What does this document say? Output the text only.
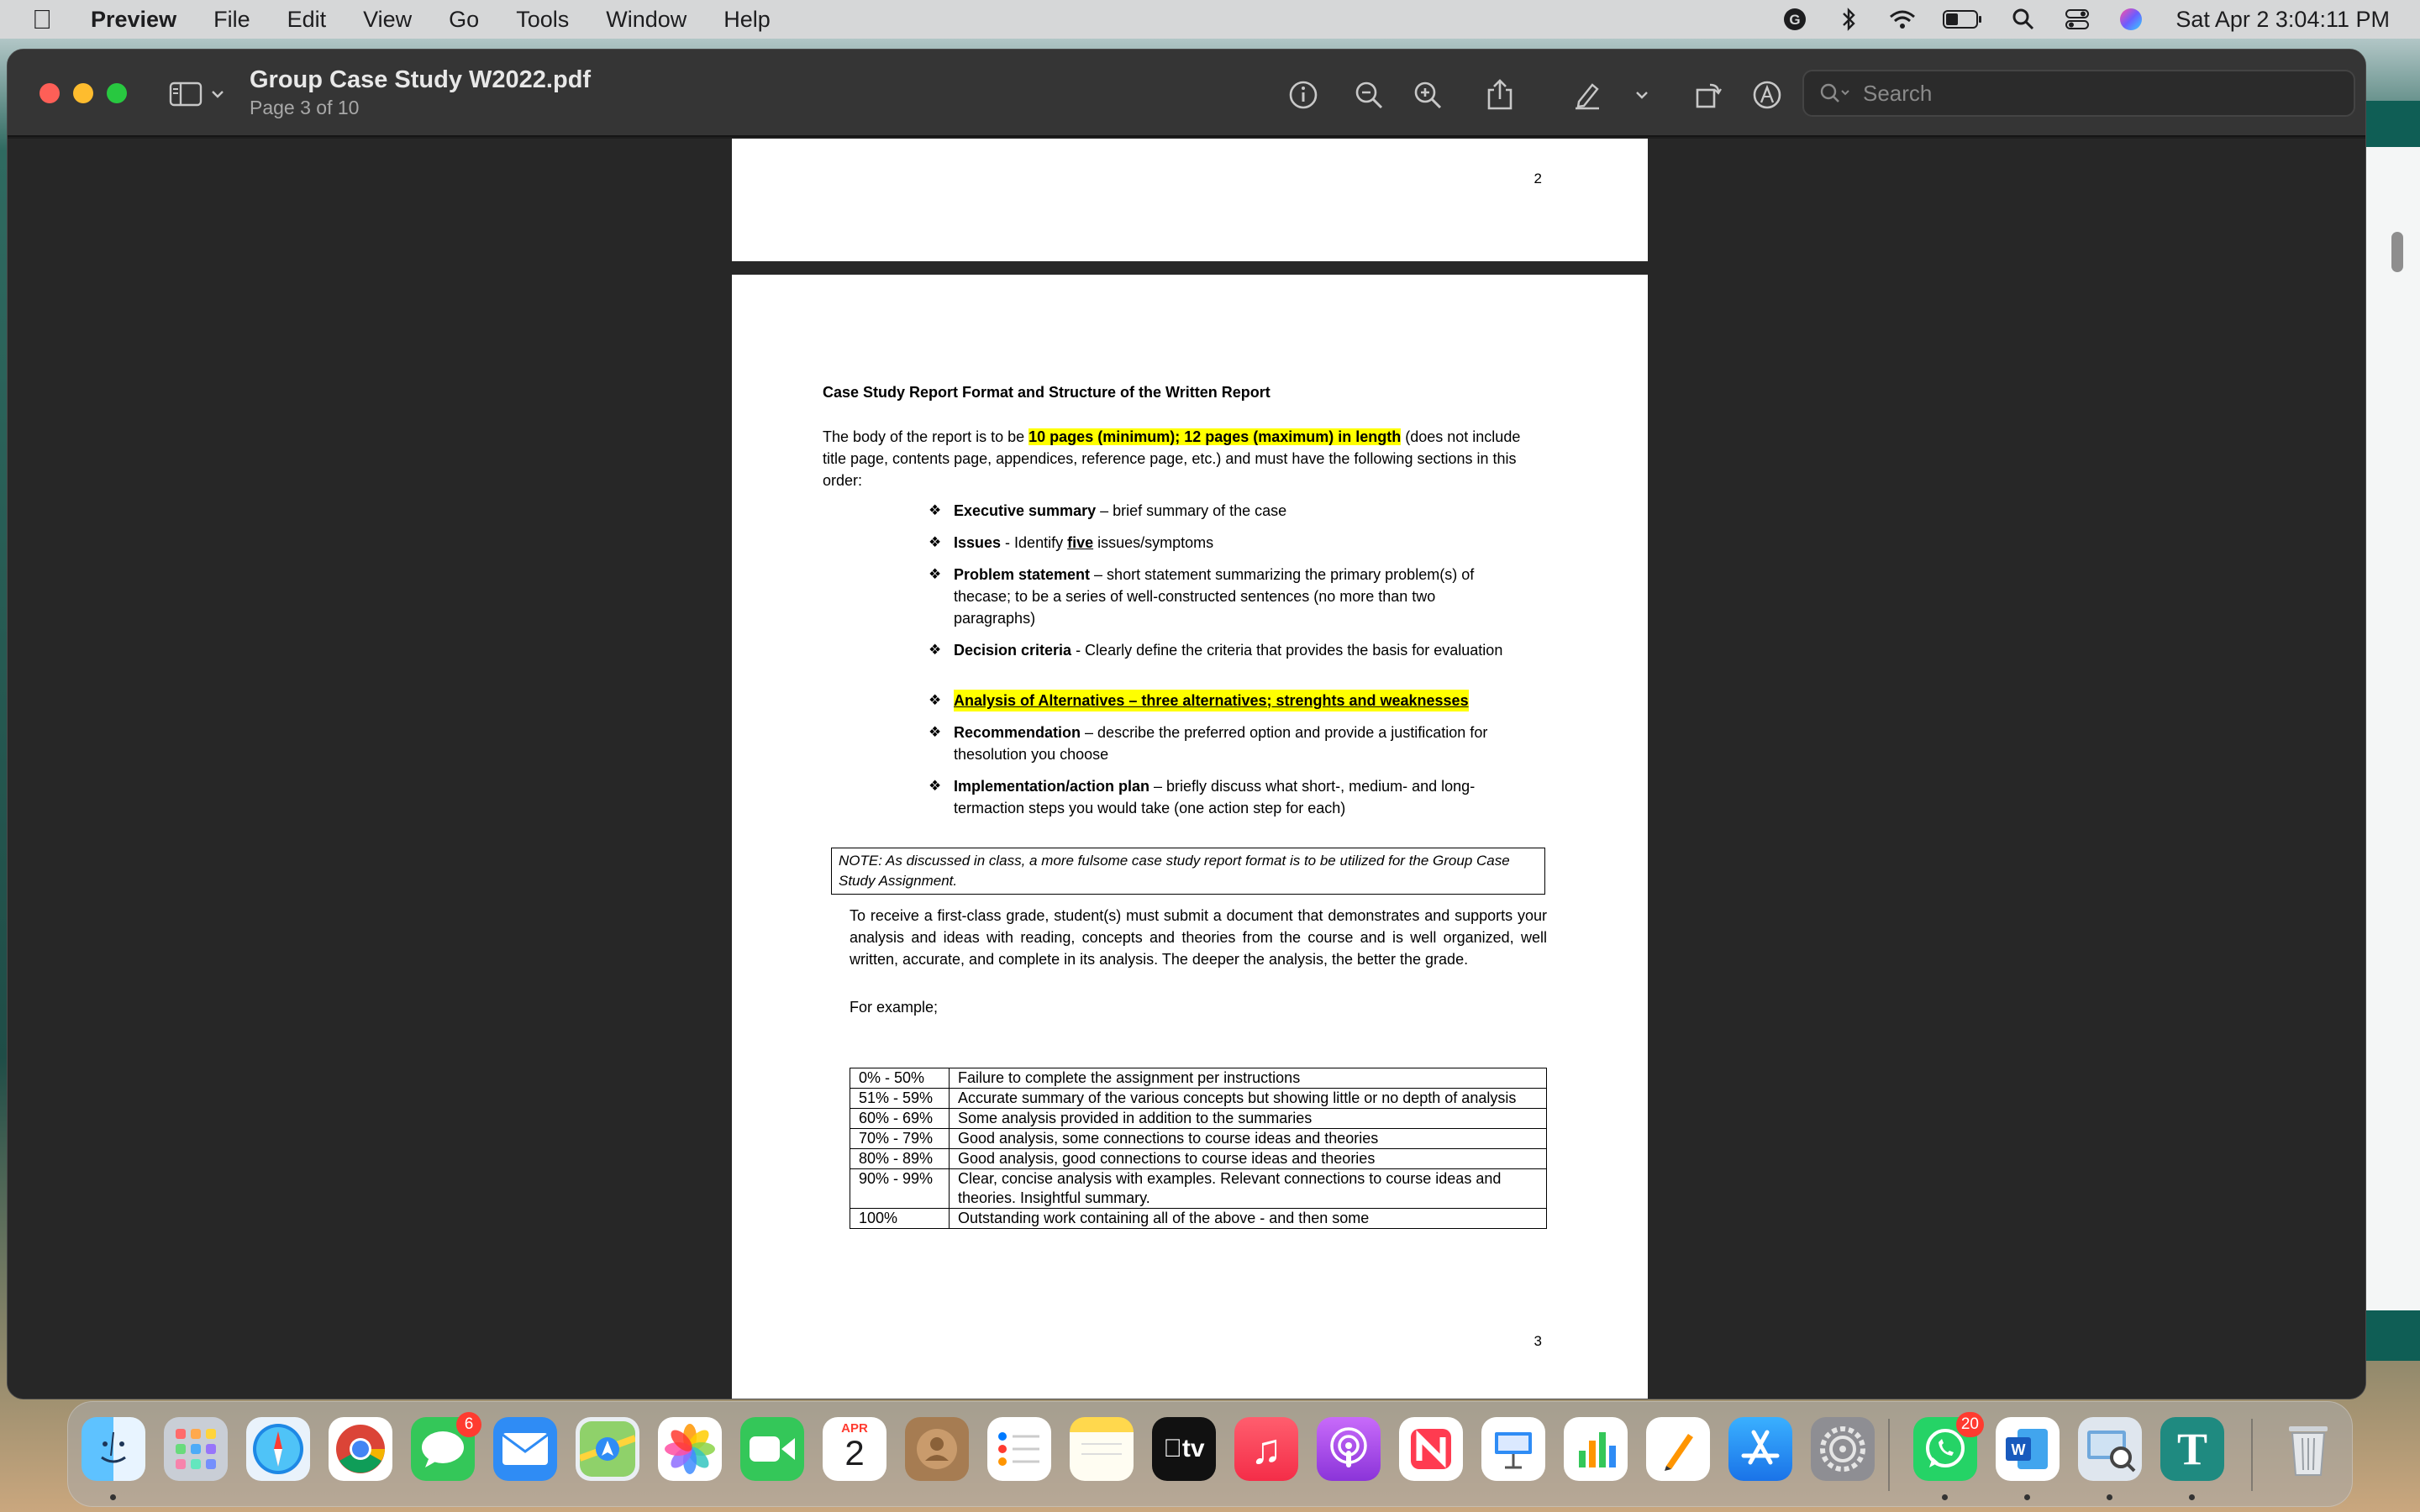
Preview File Edit View Go Tools Window Help	G	Sat Apr 2 3:04:11 PM
Group Case Study W2022.pdf
Page 3 of 10
Search
2
Case Study Report Format and Structure of the Written Report
The body of the report is to be 10 pages (minimum); 12 pages (maximum) in length (does not include title page, contents page, appendices, reference page, etc.) and must have the following sections in this order:
❖ Executive summary – brief summary of the case
❖ Issues - Identify five issues/symptoms
❖ Problem statement – short statement summarizing the primary problem(s) of thecase; to be a series of well-constructed sentences (no more than two paragraphs)
❖ Decision criteria - Clearly define the criteria that provides the basis for evaluation
❖ Analysis of Alternatives – three alternatives; strenghts and weaknesses
❖ Recommendation – describe the preferred option and provide a justification for thesolution you choose
❖ Implementation/action plan – briefly discuss what short-, medium- and long-termaction steps you would take (one action step for each)
NOTE: As discussed in class, a more fulsome case study report format is to be utilized for the Group Case Study Assignment.
To receive a first-class grade, student(s) must submit a document that demonstrates and supports your analysis and ideas with reading, concepts and theories from the course and is well organized, well written, accurate, and complete in its analysis. The deeper the analysis, the better the grade.
For example;
0% - 50%	Failure to complete the assignment per instructions
51% - 59%	Accurate summary of the various concepts but showing little or no depth of analysis
60% - 69%	Some analysis provided in addition to the summaries
70% - 79%	Good analysis, some connections to course ideas and theories
80% - 89%	Good analysis, good connections to course ideas and theories
90% - 99%	Clear, concise analysis with examples. Relevant connections to course ideas and theories. Insightful summary.
100%	Outstanding work containing all of the above - and then some
3
6	APR
2	tv ♫
20
W	T
